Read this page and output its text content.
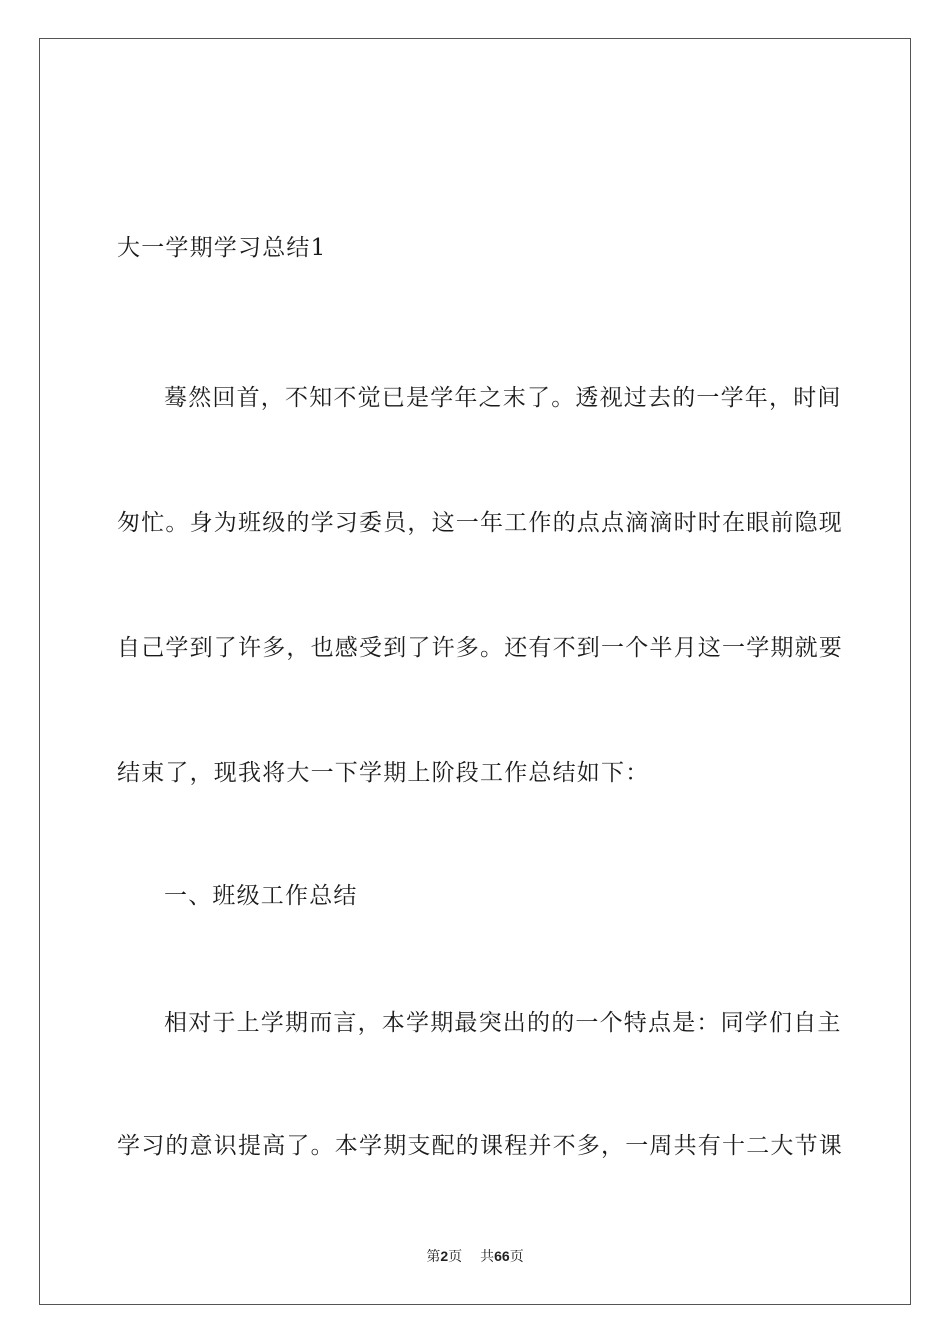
大一学期学习总结1
蓦然回首，不知不觉已是学年之末了。透视过去的一学年，时间
匆忙。身为班级的学习委员，这一年工作的点点滴滴时时在眼前隐现
自己学到了许多，也感受到了许多。还有不到一个半月这一学期就要
结束了，现我将大一下学期上阶段工作总结如下：
一、班级工作总结
相对于上学期而言，本学期最突出的的一个特点是：同学们自主
学习的意识提高了。本学期支配的课程并不多，一周共有十二大节课
第2页 共66页
